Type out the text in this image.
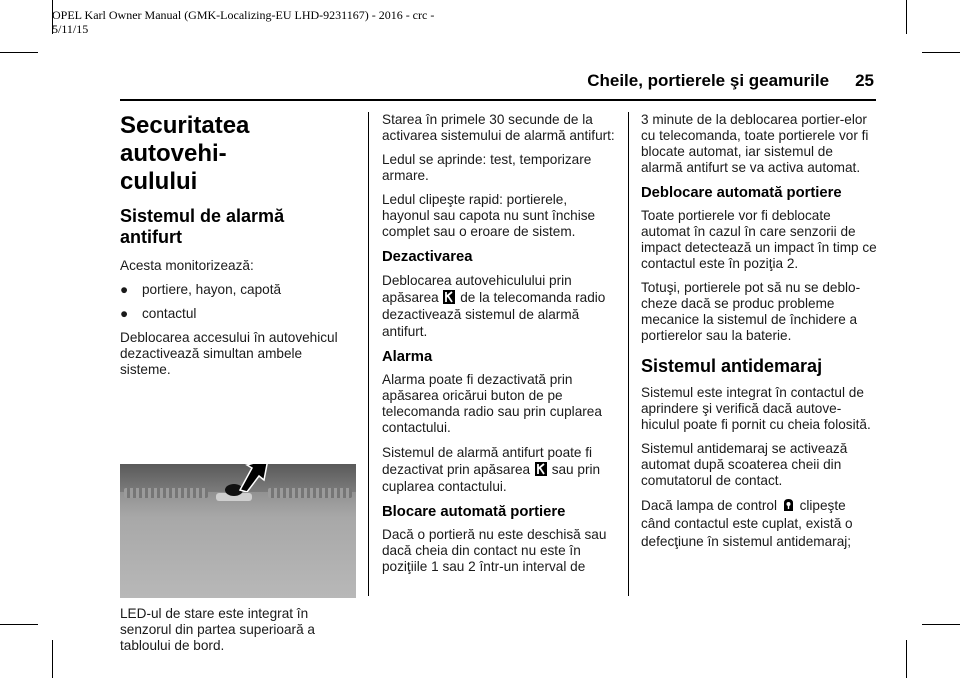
OPEL Karl Owner Manual (GMK-Localizing-EU LHD-9231167) - 2016 - crc -
5/11/15
Cheile, portierele şi geamurile 25
Securitatea autovehi-
culului
Sistemul de alarmă
antifurt

Acesta monitorizează:

●	portiere, hayon, capotă
●	contactul

Deblocarea accesului în autovehicul dezactivează simultan ambele sisteme.

LED-ul de stare este integrat în senzorul din partea superioară a tabloului de bord.

Starea în primele 30 secunde de la activarea sistemului de alarmă antifurt:

Ledul se aprinde: test, temporizare armare.

Ledul clipeşte rapid: portierele, hayonul sau capota nu sunt închise complet sau o eroare de sistem.

Dezactivarea

Deblocarea autovehiculului prin apăsarea de la telecomanda radio dezactivează sistemul de alarmă antifurt.

Alarma

Alarma poate fi dezactivată prin apăsarea oricărui buton de pe telecomanda radio sau prin cuplarea contactului.

Sistemul de alarmă antifurt poate fi dezactivat prin apăsarea sau prin cuplarea contactului.

Blocare automată portiere

Dacă o portieră nu este deschisă sau dacă cheia din contact nu este în poziţiile 1 sau 2 într-un interval de

3 minute de la deblocarea portier-elor cu telecomanda, toate portierele vor fi blocate automat, iar sistemul de alarmă antifurt se va activa automat.

Deblocare automată portiere

Toate portierele vor fi deblocate automat în cazul în care senzorii de impact detectează un impact în timp ce contactul este în poziţia 2.

Totuşi, portierele pot să nu se deblo-cheze dacă se produc probleme mecanice la sistemul de închidere a portierelor sau la baterie.

Sistemul antidemaraj

Sistemul este integrat în contactul de aprindere şi verifică dacă autove-hiculul poate fi pornit cu cheia folosită.

Sistemul antidemaraj se activează automat după scoaterea cheii din comutatorul de contact.

Dacă lampa de control clipeşte când contactul este cuplat, există o defecţiune în sistemul antidemaraj;
